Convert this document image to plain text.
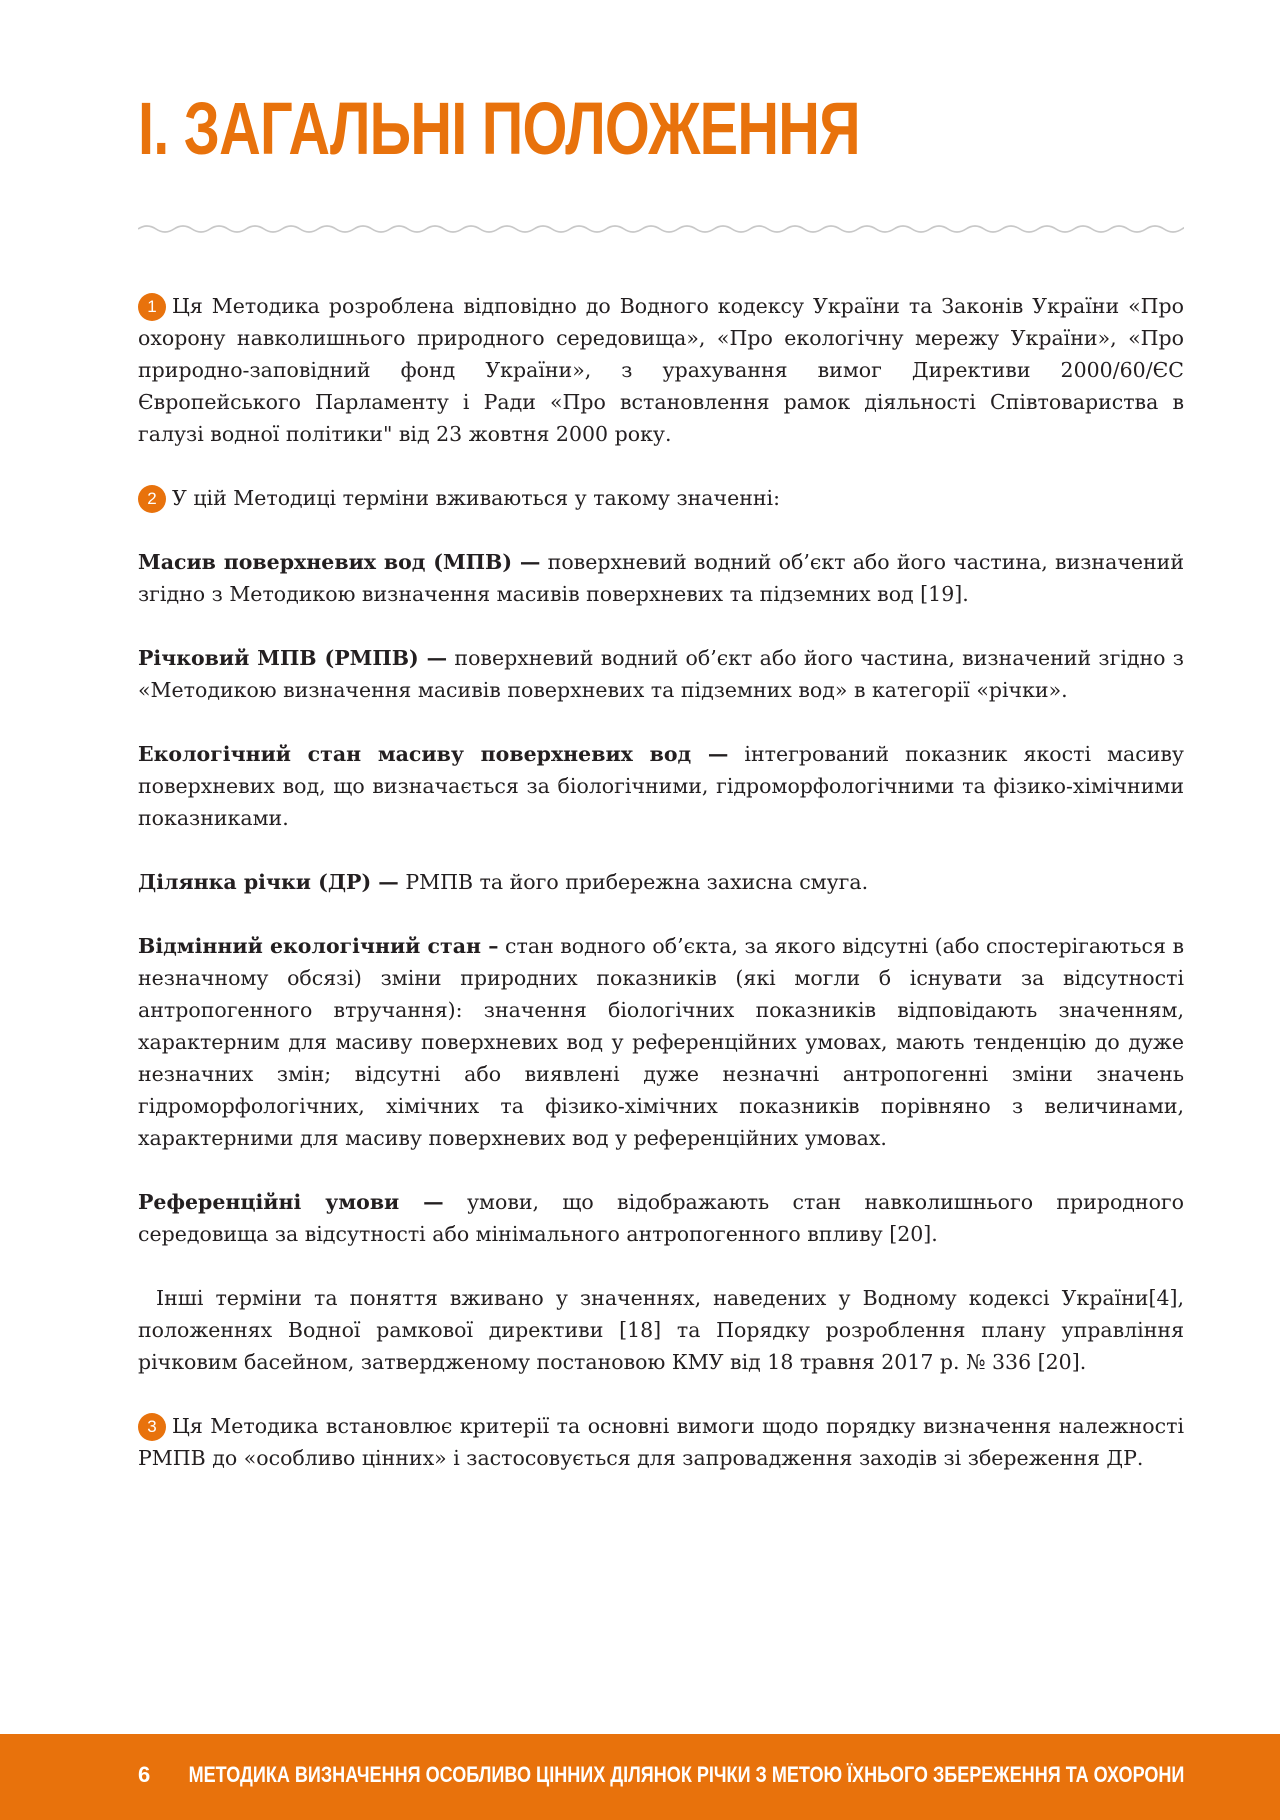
І. ЗАГАЛЬНІ ПОЛОЖЕННЯ

1 Ця Методика розроблена відповідно до Водного кодексу України та Законів України «Про охорону навколишнього природного середовища», «Про екологічну мережу України», «Про природно-заповідний фонд України», з урахування вимог Директиви 2000/60/ЄС Європейського Парламенту і Ради «Про встановлення рамок діяльності Співтовариства в галузі водної політики" від 23 жовтня 2000 року.

2 У цій Методиці терміни вживаються у такому значенні:

Масив поверхневих вод (МПВ) — поверхневий водний об’єкт або його частина, визначений згідно з Методикою визначення масивів поверхневих та підземних вод [19].

Річковий МПВ (РМПВ) — поверхневий водний об’єкт або його частина, визначений згідно з «Методикою визначення масивів поверхневих та підземних вод» в категорії «річки».

Екологічний стан масиву поверхневих вод — інтегрований показник якості масиву поверхневих вод, що визначається за біологічними, гідроморфологічними та фізико-хімічними показниками.

Ділянка річки (ДР) — РМПВ та його прибережна захисна смуга.

Відмінний екологічний стан – стан водного об’єкта, за якого відсутні (або спостерігаються в незначному обсязі) зміни природних показників (які могли б існувати за відсутності антропогенного втручання): значення біологічних показників відповідають значенням, характерним для масиву поверхневих вод у референційних умовах, мають тенденцію до дуже незначних змін; відсутні або виявлені дуже незначні антропогенні зміни значень гідроморфологічних, хімічних та фізико-хімічних показників порівняно з величинами, характерними для масиву поверхневих вод у референційних умовах.

Референційні умови — умови, що відображають стан навколишнього природного середовища за відсутності або мінімального антропогенного впливу [20].

Інші терміни та поняття вживано у значеннях, наведених у Водному кодексі України[4], положеннях Водної рамкової директиви [18] та Порядку розроблення плану управління річковим басейном, затвердженому постановою КМУ від 18 травня 2017 р. № 336 [20].

3 Ця Методика встановлює критерії та основні вимоги щодо порядку визначення належності РМПВ до «особливо цінних» і застосовується для запровадження заходів зі збереження ДР.

6 МЕТОДИКА ВИЗНАЧЕННЯ ОСОБЛИВО ЦІННИХ ДІЛЯНОК РІЧКИ З МЕТОЮ ЇХНЬОГО ЗБЕРЕЖЕННЯ ТА ОХОРОНИ
